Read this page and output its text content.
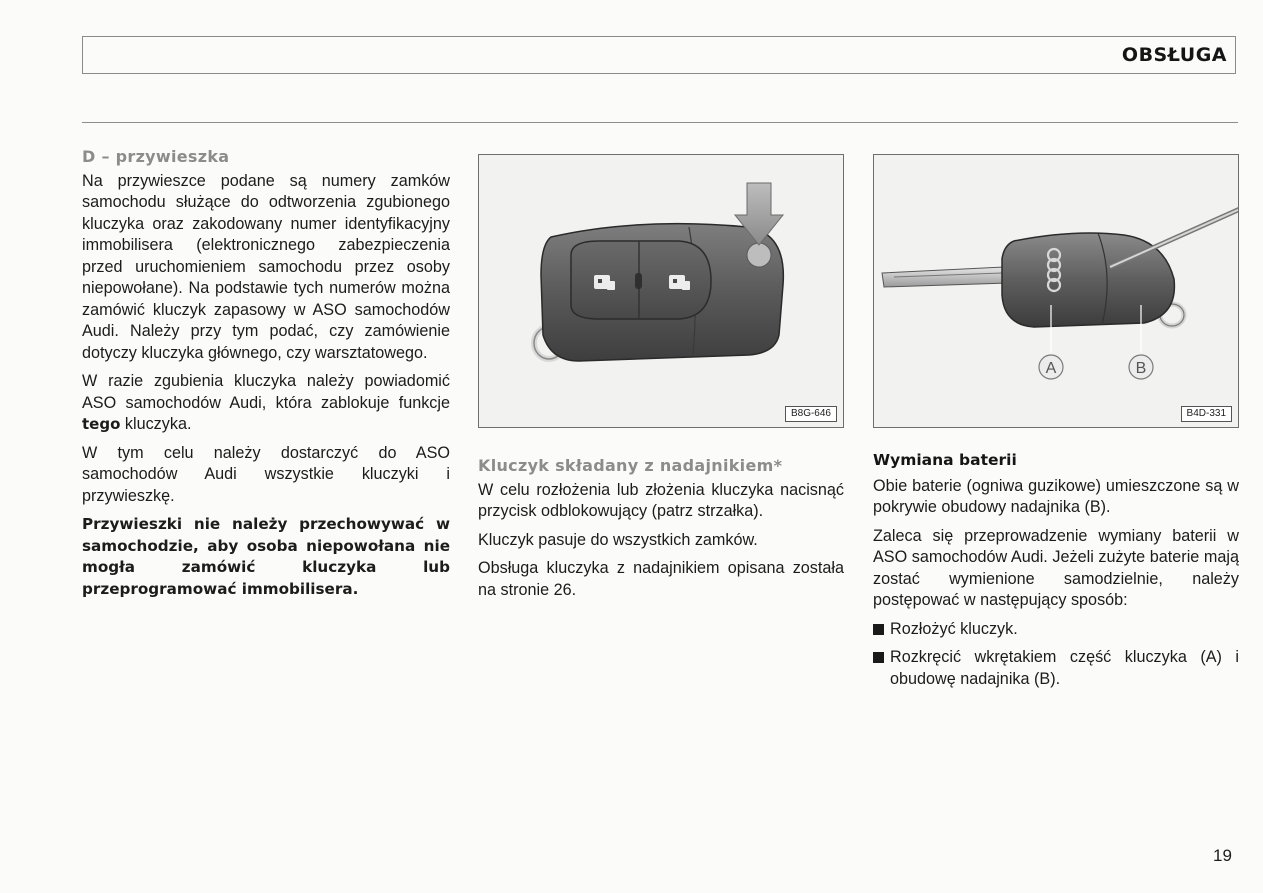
OBSŁUGA
D – przywieszka

Na przywieszce podane są numery zamków samochodu służące do odtworzenia zgubionego kluczyka oraz zakodowany numer identyfikacyjny immobilisera (elektronicznego zabezpieczenia przed uruchomieniem samochodu przez osoby niepowołane). Na podstawie tych numerów można zamówić kluczyk zapasowy w ASO samochodów Audi. Należy przy tym podać, czy zamówienie dotyczy kluczyka głównego, czy warsztatowego.

W razie zgubienia kluczyka należy powiadomić ASO samochodów Audi, która zablokuje funkcje tego kluczyka.

W tym celu należy dostarczyć do ASO samochodów Audi wszystkie kluczyki i przywieszkę.

Przywieszki nie należy przechowywać w samochodzie, aby osoba niepowołana nie mogła zamówić kluczyka lub przeprogramować immobilisera.

B8G-646
A	B
B4D-331
Kluczyk składany z nadajnikiem*

W celu rozłożenia lub złożenia kluczyka nacisnąć przycisk odblokowujący (patrz strzałka).

Kluczyk pasuje do wszystkich zamków.

Obsługa kluczyka z nadajnikiem opisana została na stronie 26.

Wymiana baterii

Obie baterie (ogniwa guzikowe) umieszczone są w pokrywie obudowy nadajnika (B).

Zaleca się przeprowadzenie wymiany baterii w ASO samochodów Audi. Jeżeli zużyte baterie mają zostać wymienione samodzielnie, należy postępować w następujący sposób:

Rozłożyć kluczyk.
Rozkręcić wkrętakiem część kluczyka (A) i obudowę nadajnika (B).
19
